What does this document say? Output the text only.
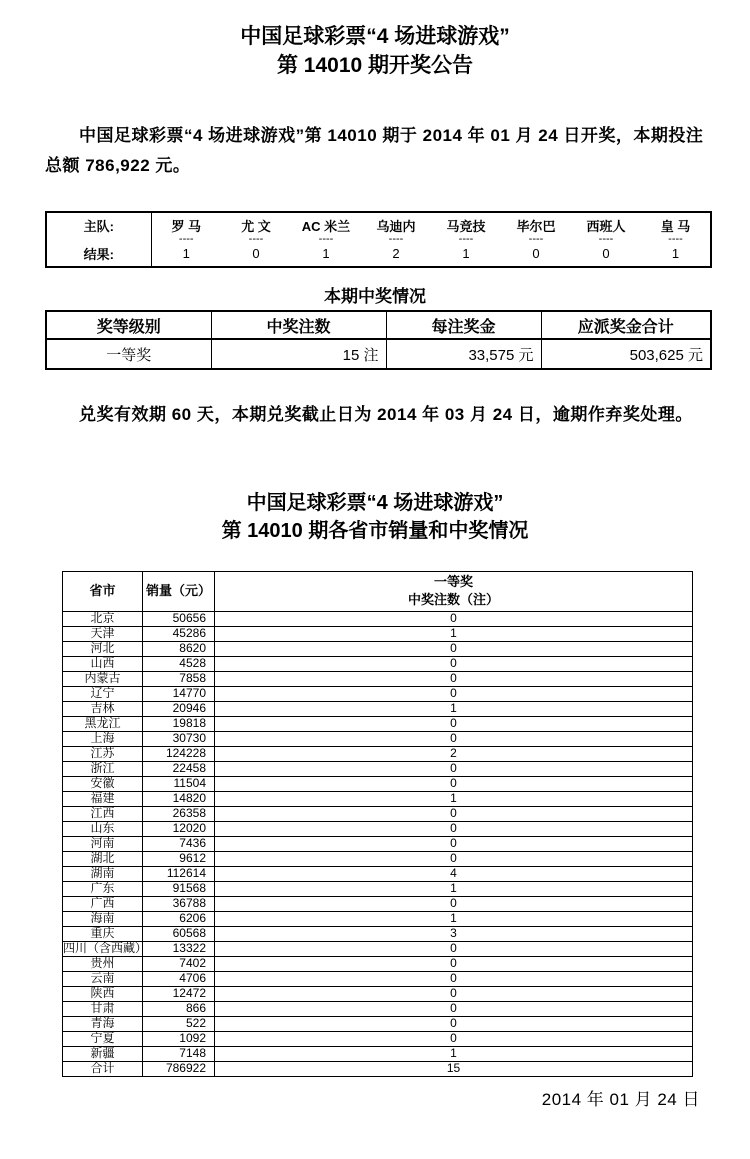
中国足球彩票“4 场进球游戏”
第 14010 期开奖公告

中国足球彩票“4 场进球游戏”第 14010 期于 2014 年 01 月 24 日开奖，本期投注总额 786,922 元。

主队:	罗 马	尤 文	AC 米兰	乌迪内	马竞技	毕尔巴	西班人	皇 马
	----	----	----	----	----	----	----	----
结果:	1	0	1	2	1	0	0	1
本期中奖情况
奖等级别	中奖注数	每注奖金	应派奖金合计
一等奖	15 注	33,575 元	503,625 元

兑奖有效期 60 天，本期兑奖截止日为 2014 年 03 月 24 日，逾期作弃奖处理。

中国足球彩票“4 场进球游戏”
第 14010 期各省市销量和中奖情况
省市	销量（元）	一等奖
中奖注数（注）

北京	50656	0
天津	45286	1
河北	8620	0
山西	4528	0
内蒙古	7858	0
辽宁	14770	0
吉林	20946	1
黑龙江	19818	0
上海	30730	0
江苏	124228	2
浙江	22458	0
安徽	11504	0
福建	14820	1
江西	26358	0
山东	12020	0
河南	7436	0
湖北	9612	0
湖南	112614	4
广东	91568	1
广西	36788	0
海南	6206	1
重庆	60568	3
四川（含西藏）	13322	0
贵州	7402	0
云南	4706	0
陕西	12472	0
甘肃	866	0
青海	522	0
宁夏	1092	0
新疆	7148	1
合计	786922	15
2014 年 01 月 24 日
